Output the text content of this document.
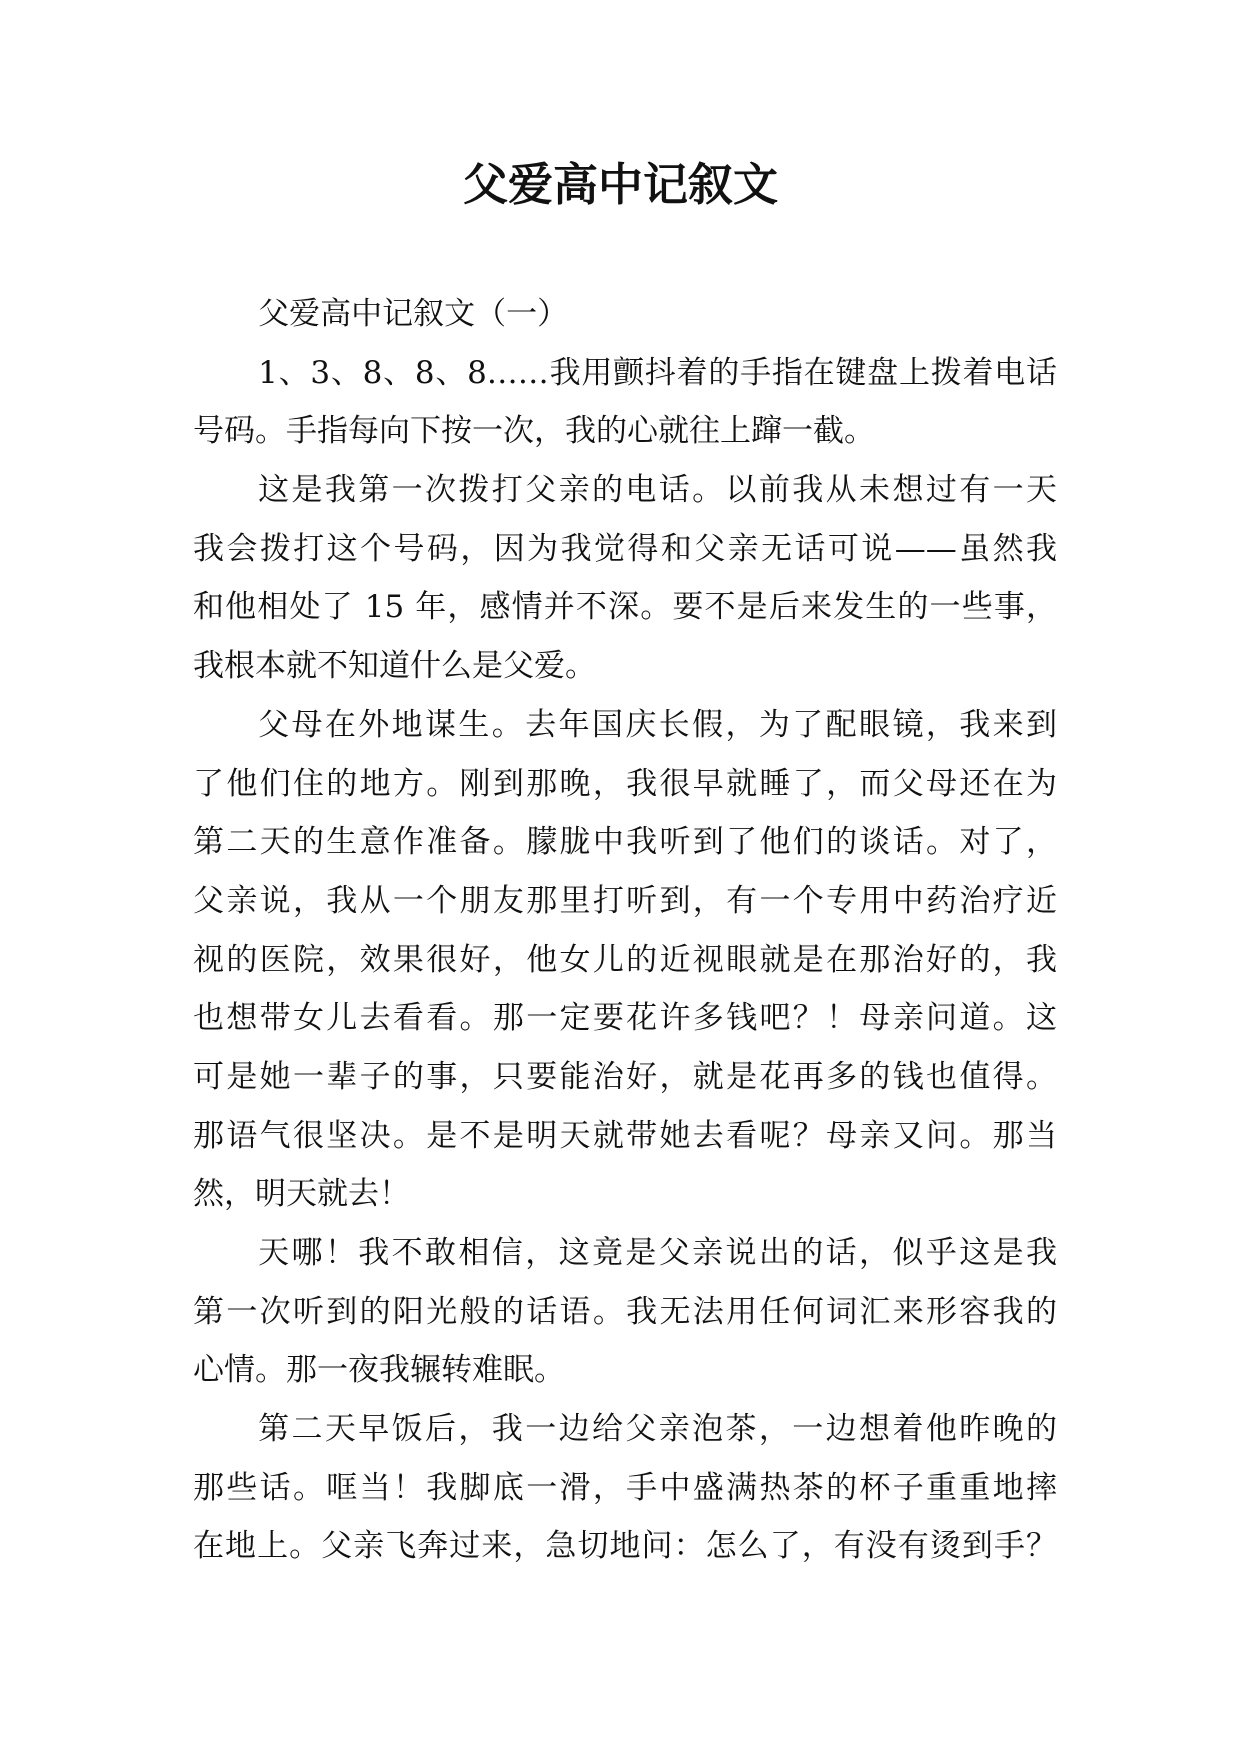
父爱高中记叙文
父爱高中记叙文（一）
1、3、8、8、8……我用颤抖着的手指在键盘上拨着电话
号码。手指每向下按一次，我的心就往上蹿一截。
这是我第一次拨打父亲的电话。以前我从未想过有一天
我会拨打这个号码，因为我觉得和父亲无话可说——虽然我
和他相处了 15 年，感情并不深。要不是后来发生的一些事，
我根本就不知道什么是父爱。
父母在外地谋生。去年国庆长假，为了配眼镜，我来到
了他们住的地方。刚到那晚，我很早就睡了，而父母还在为
第二天的生意作准备。朦胧中我听到了他们的谈话。对了，
父亲说，我从一个朋友那里打听到，有一个专用中药治疗近
视的医院，效果很好，他女儿的近视眼就是在那治好的，我
也想带女儿去看看。那一定要花许多钱吧？！母亲问道。这
可是她一辈子的事，只要能治好，就是花再多的钱也值得。
那语气很坚决。是不是明天就带她去看呢？母亲又问。那当
然，明天就去！
天哪！我不敢相信，这竟是父亲说出的话，似乎这是我
第一次听到的阳光般的话语。我无法用任何词汇来形容我的
心情。那一夜我辗转难眠。
第二天早饭后，我一边给父亲泡茶，一边想着他昨晚的
那些话。哐当！我脚底一滑，手中盛满热茶的杯子重重地摔
在地上。父亲飞奔过来，急切地问：怎么了，有没有烫到手？
